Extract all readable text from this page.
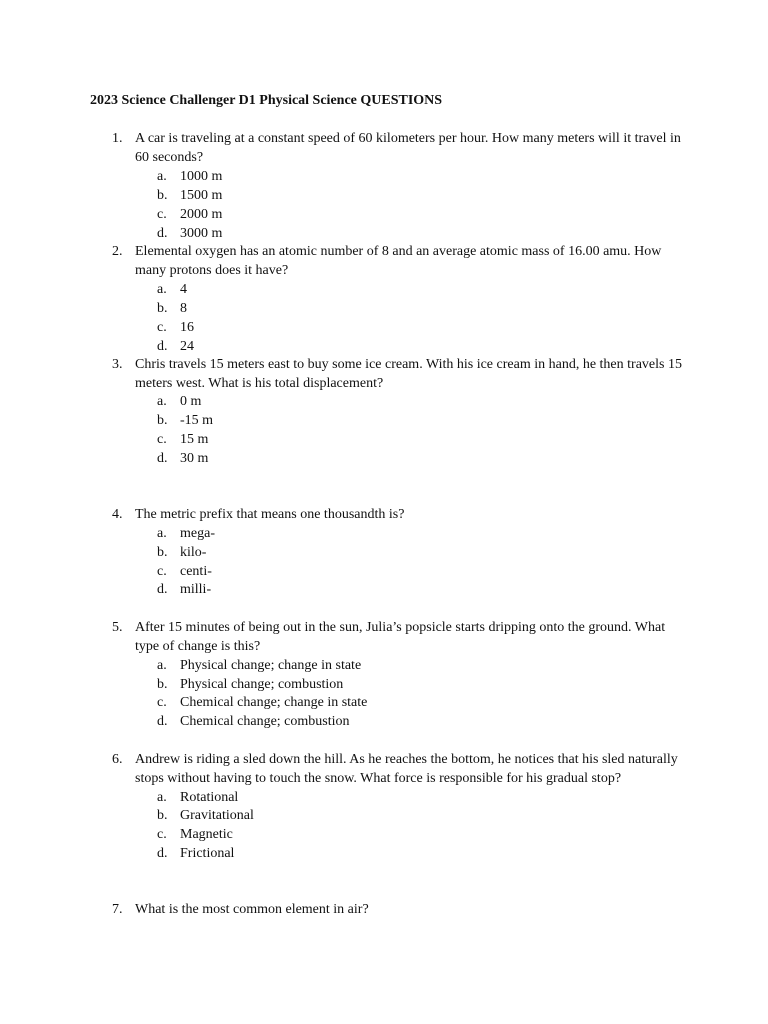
2023 Science Challenger D1 Physical Science QUESTIONS
1. A car is traveling at a constant speed of 60 kilometers per hour. How many meters will it travel in
60 seconds?
a. 1000 m
b. 1500 m
c. 2000 m
d. 3000 m
2. Elemental oxygen has an atomic number of 8 and an average atomic mass of 16.00 amu. How
many protons does it have?
a. 4
b. 8
c. 16
d. 24
3. Chris travels 15 meters east to buy some ice cream. With his ice cream in hand, he then travels 15
meters west. What is his total displacement?
a. 0 m
b. -15 m
c. 15 m
d. 30 m
4. The metric prefix that means one thousandth is?
a. mega-
b. kilo-
c. centi-
d. milli-
5. After 15 minutes of being out in the sun, Julia’s popsicle starts dripping onto the ground. What
type of change is this?
a. Physical change; change in state
b. Physical change; combustion
c. Chemical change; change in state
d. Chemical change; combustion
6. Andrew is riding a sled down the hill. As he reaches the bottom, he notices that his sled naturally
stops without having to touch the snow. What force is responsible for his gradual stop?
a. Rotational
b. Gravitational
c. Magnetic
d. Frictional
7. What is the most common element in air?
